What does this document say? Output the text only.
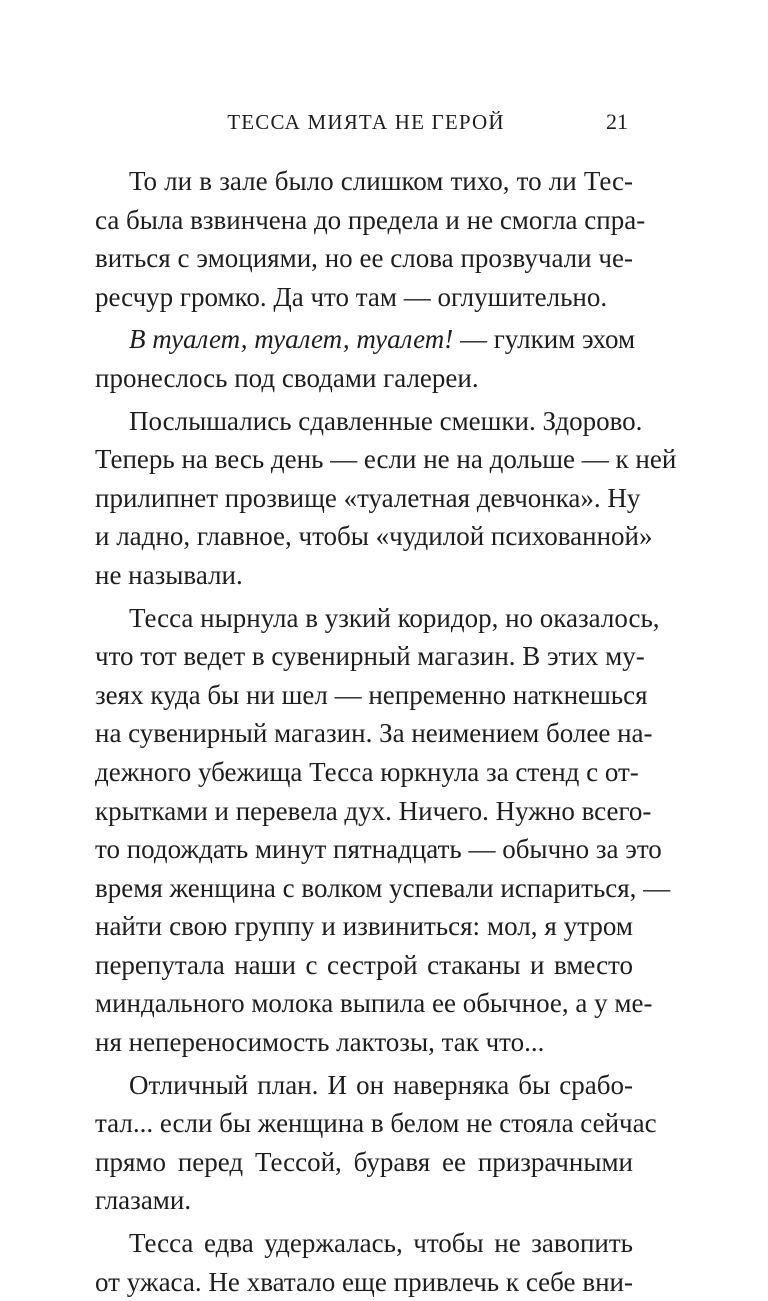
ТЕССА МИЯТА НЕ ГЕРОЙ	21
То ли в зале было слишком тихо, то ли Тес-
са была взвинчена до предела и не смогла спра-
виться с эмоциями, но ее слова прозвучали че-
ресчур громко. Да что там — оглушительно.
В туалет, туалет, туалет! — гулким эхом
пронеслось под сводами галереи.
Послышались сдавленные смешки. Здорово.
Теперь на весь день — если не на дольше — к ней
прилипнет прозвище «туалетная девчонка». Ну
и ладно, главное, чтобы «чудилой психованной»
не называли.
Тесса нырнула в узкий коридор, но оказалось,
что тот ведет в сувенирный магазин. В этих му-
зеях куда бы ни шел — непременно наткнешься
на сувенирный магазин. За неимением более на-
дежного убежища Тесса юркнула за стенд с от-
крытками и перевела дух. Ничего. Нужно всего-
то подождать минут пятнадцать — обычно за это
время женщина с волком успевали испариться, —
найти свою группу и извиниться: мол, я утром
перепутала наши с сестрой стаканы и вместо
миндального молока выпила ее обычное, а у ме-
ня непереносимость лактозы, так что...
Отличный план. И он наверняка бы срабо-
тал... если бы женщина в белом не стояла сейчас
прямо перед Тессой, буравя ее призрачными
глазами.
Тесса едва удержалась, чтобы не завопить
от ужаса. Не хватало еще привлечь к себе вни-
